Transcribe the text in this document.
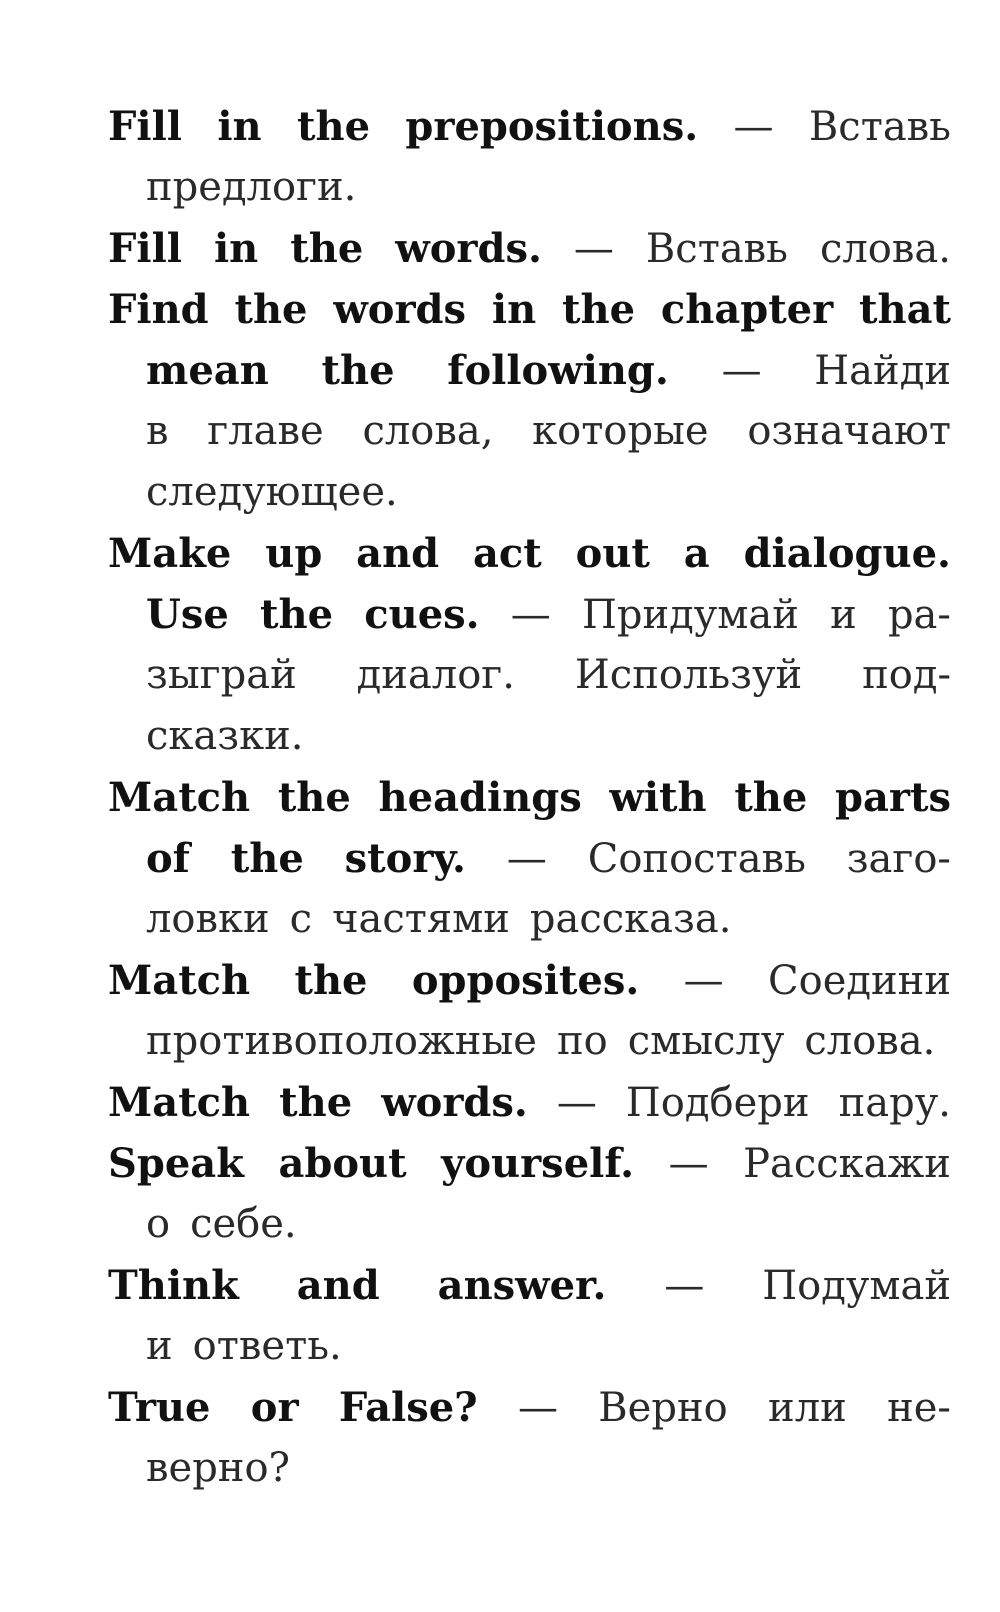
Fill in the prepositions. — Вставь
предлоги.

Fill in the words. — Вставь слова.

Find the words in the chapter that
mean the following. — Найди
в главе слова, которые означают
следующее.

Make up and act out a dialogue.
Use the cues. — Придумай и ра-
зыграй диалог. Используй под-
сказки.

Match the headings with the parts
of the story. — Сопоставь заго-
ловки с частями рассказа.

Match the opposites. — Соедини
противоположные по смыслу слова.

Match the words. — Подбери пару.

Speak about yourself. — Расскажи
о себе.

Think and answer. — Подумай
и ответь.

True or False? — Верно или не-
верно?
